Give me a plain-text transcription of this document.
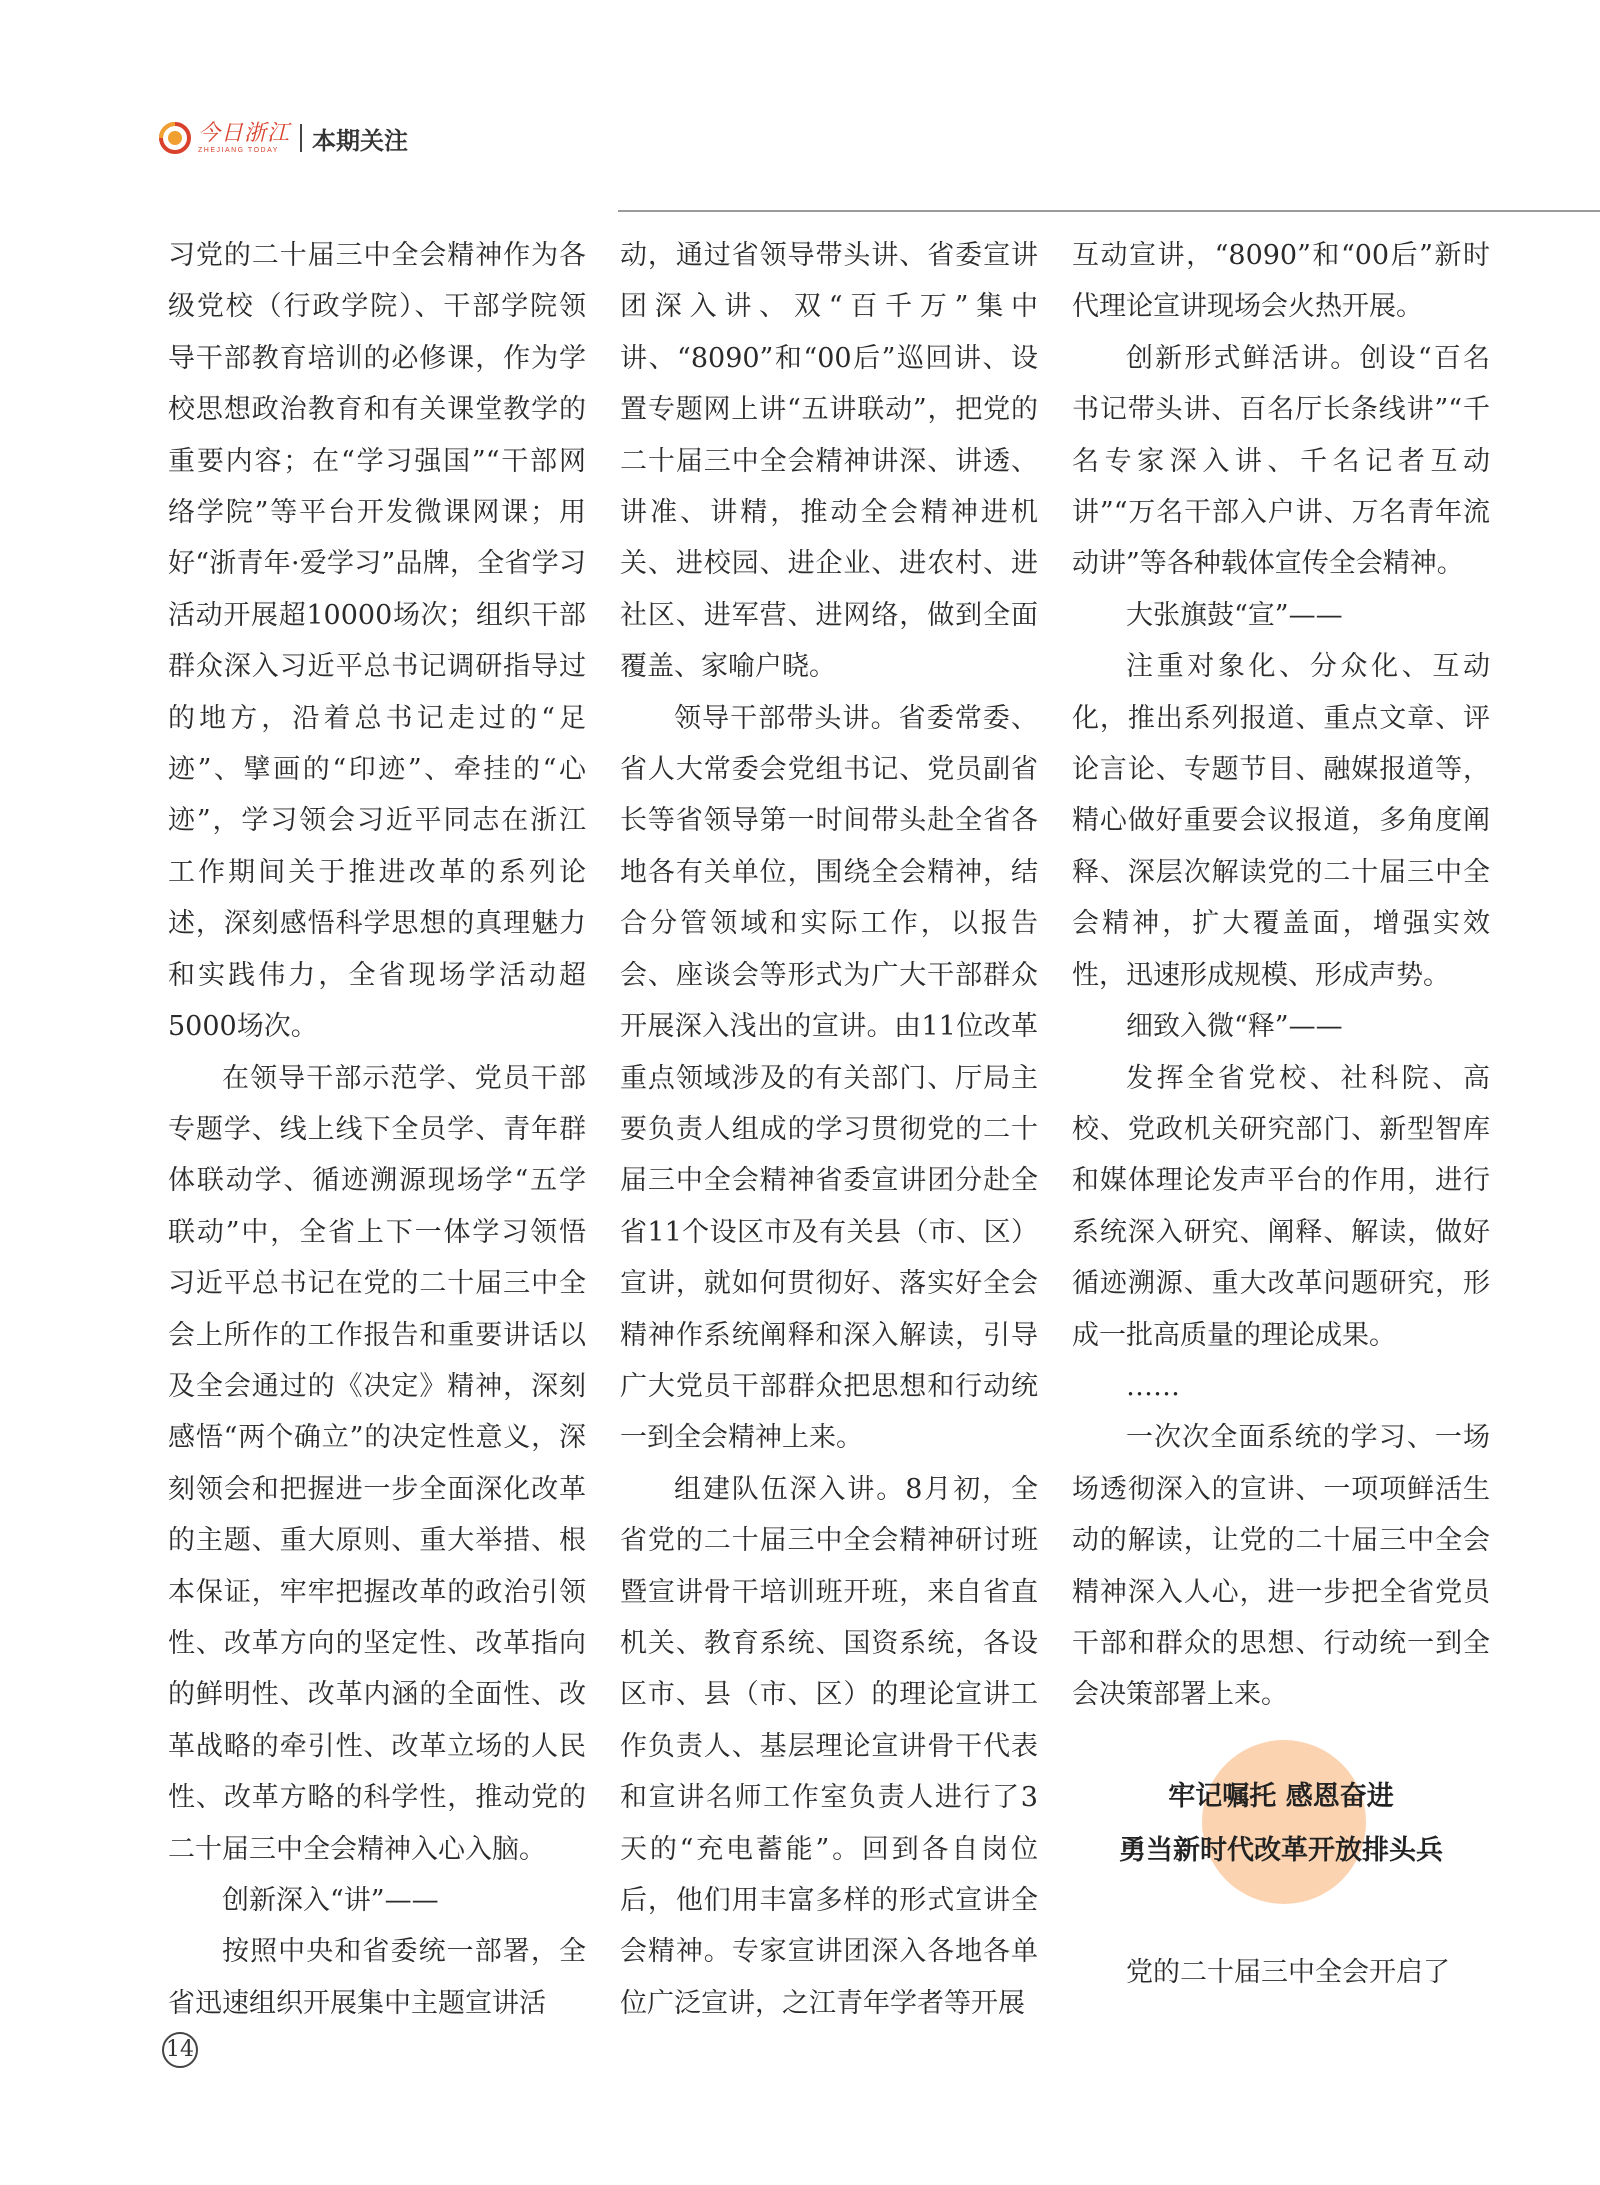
今日浙江
ZHEJIANG TODAY	本期关注

习党的二十届三中全会精神作为各级党校（行政学院）、干部学院领导干部教育培训的必修课，作为学校思想政治教育和有关课堂教学的重要内容；在“学习强国”“干部网络学院”等平台开发微课网课；用好“浙青年·爱学习”品牌，全省学习活动开展超10000场次；组织干部群众深入习近平总书记调研指导过的地方，沿着总书记走过的“足迹”、擘画的“印迹”、牵挂的“心迹”，学习领会习近平同志在浙江工作期间关于推进改革的系列论述，深刻感悟科学思想的真理魅力和实践伟力，全省现场学活动超5000场次。

在领导干部示范学、党员干部专题学、线上线下全员学、青年群体联动学、循迹溯源现场学“五学联动”中，全省上下一体学习领悟习近平总书记在党的二十届三中全会上所作的工作报告和重要讲话以及全会通过的《决定》精神，深刻感悟“两个确立”的决定性意义，深刻领会和把握进一步全面深化改革的主题、重大原则、重大举措、根本保证，牢牢把握改革的政治引领性、改革方向的坚定性、改革指向的鲜明性、改革内涵的全面性、改革战略的牵引性、改革立场的人民性、改革方略的科学性，推动党的二十届三中全会精神入心入脑。

创新深入“讲”——

按照中央和省委统一部署，全省迅速组织开展集中主题宣讲活

动，通过省领导带头讲、省委宣讲团深入讲、双“百千万”集中讲、“8090”和“00后”巡回讲、设置专题网上讲“五讲联动”，把党的二十届三中全会精神讲深、讲透、讲准、讲精，推动全会精神进机关、进校园、进企业、进农村、进社区、进军营、进网络，做到全面覆盖、家喻户晓。

领导干部带头讲。省委常委、省人大常委会党组书记、党员副省长等省领导第一时间带头赴全省各地各有关单位，围绕全会精神，结合分管领域和实际工作，以报告会、座谈会等形式为广大干部群众开展深入浅出的宣讲。由11位改革重点领域涉及的有关部门、厅局主要负责人组成的学习贯彻党的二十届三中全会精神省委宣讲团分赴全省11个设区市及有关县（市、区）宣讲，就如何贯彻好、落实好全会精神作系统阐释和深入解读，引导广大党员干部群众把思想和行动统一到全会精神上来。

组建队伍深入讲。8月初，全省党的二十届三中全会精神研讨班暨宣讲骨干培训班开班，来自省直机关、教育系统、国资系统，各设区市、县（市、区）的理论宣讲工作负责人、基层理论宣讲骨干代表和宣讲名师工作室负责人进行了3天的“充电蓄能”。回到各自岗位后，他们用丰富多样的形式宣讲全会精神。专家宣讲团深入各地各单位广泛宣讲，之江青年学者等开展

互动宣讲，“8090”和“00后”新时代理论宣讲现场会火热开展。

创新形式鲜活讲。创设“百名书记带头讲、百名厅长条线讲”“千名专家深入讲、千名记者互动讲”“万名干部入户讲、万名青年流动讲”等各种载体宣传全会精神。

大张旗鼓“宣”——

注重对象化、分众化、互动化，推出系列报道、重点文章、评论言论、专题节目、融媒报道等，精心做好重要会议报道，多角度阐释、深层次解读党的二十届三中全会精神，扩大覆盖面，增强实效性，迅速形成规模、形成声势。

细致入微“释”——

发挥全省党校、社科院、高校、党政机关研究部门、新型智库和媒体理论发声平台的作用，进行系统深入研究、阐释、解读，做好循迹溯源、重大改革问题研究，形成一批高质量的理论成果。

……

一次次全面系统的学习、一场场透彻深入的宣讲、一项项鲜活生动的解读，让党的二十届三中全会精神深入人心，进一步把全省党员干部和群众的思想、行动统一到全会决策部署上来。

牢记嘱托 感恩奋进
勇当新时代改革开放排头兵

党的二十届三中全会开启了

14
